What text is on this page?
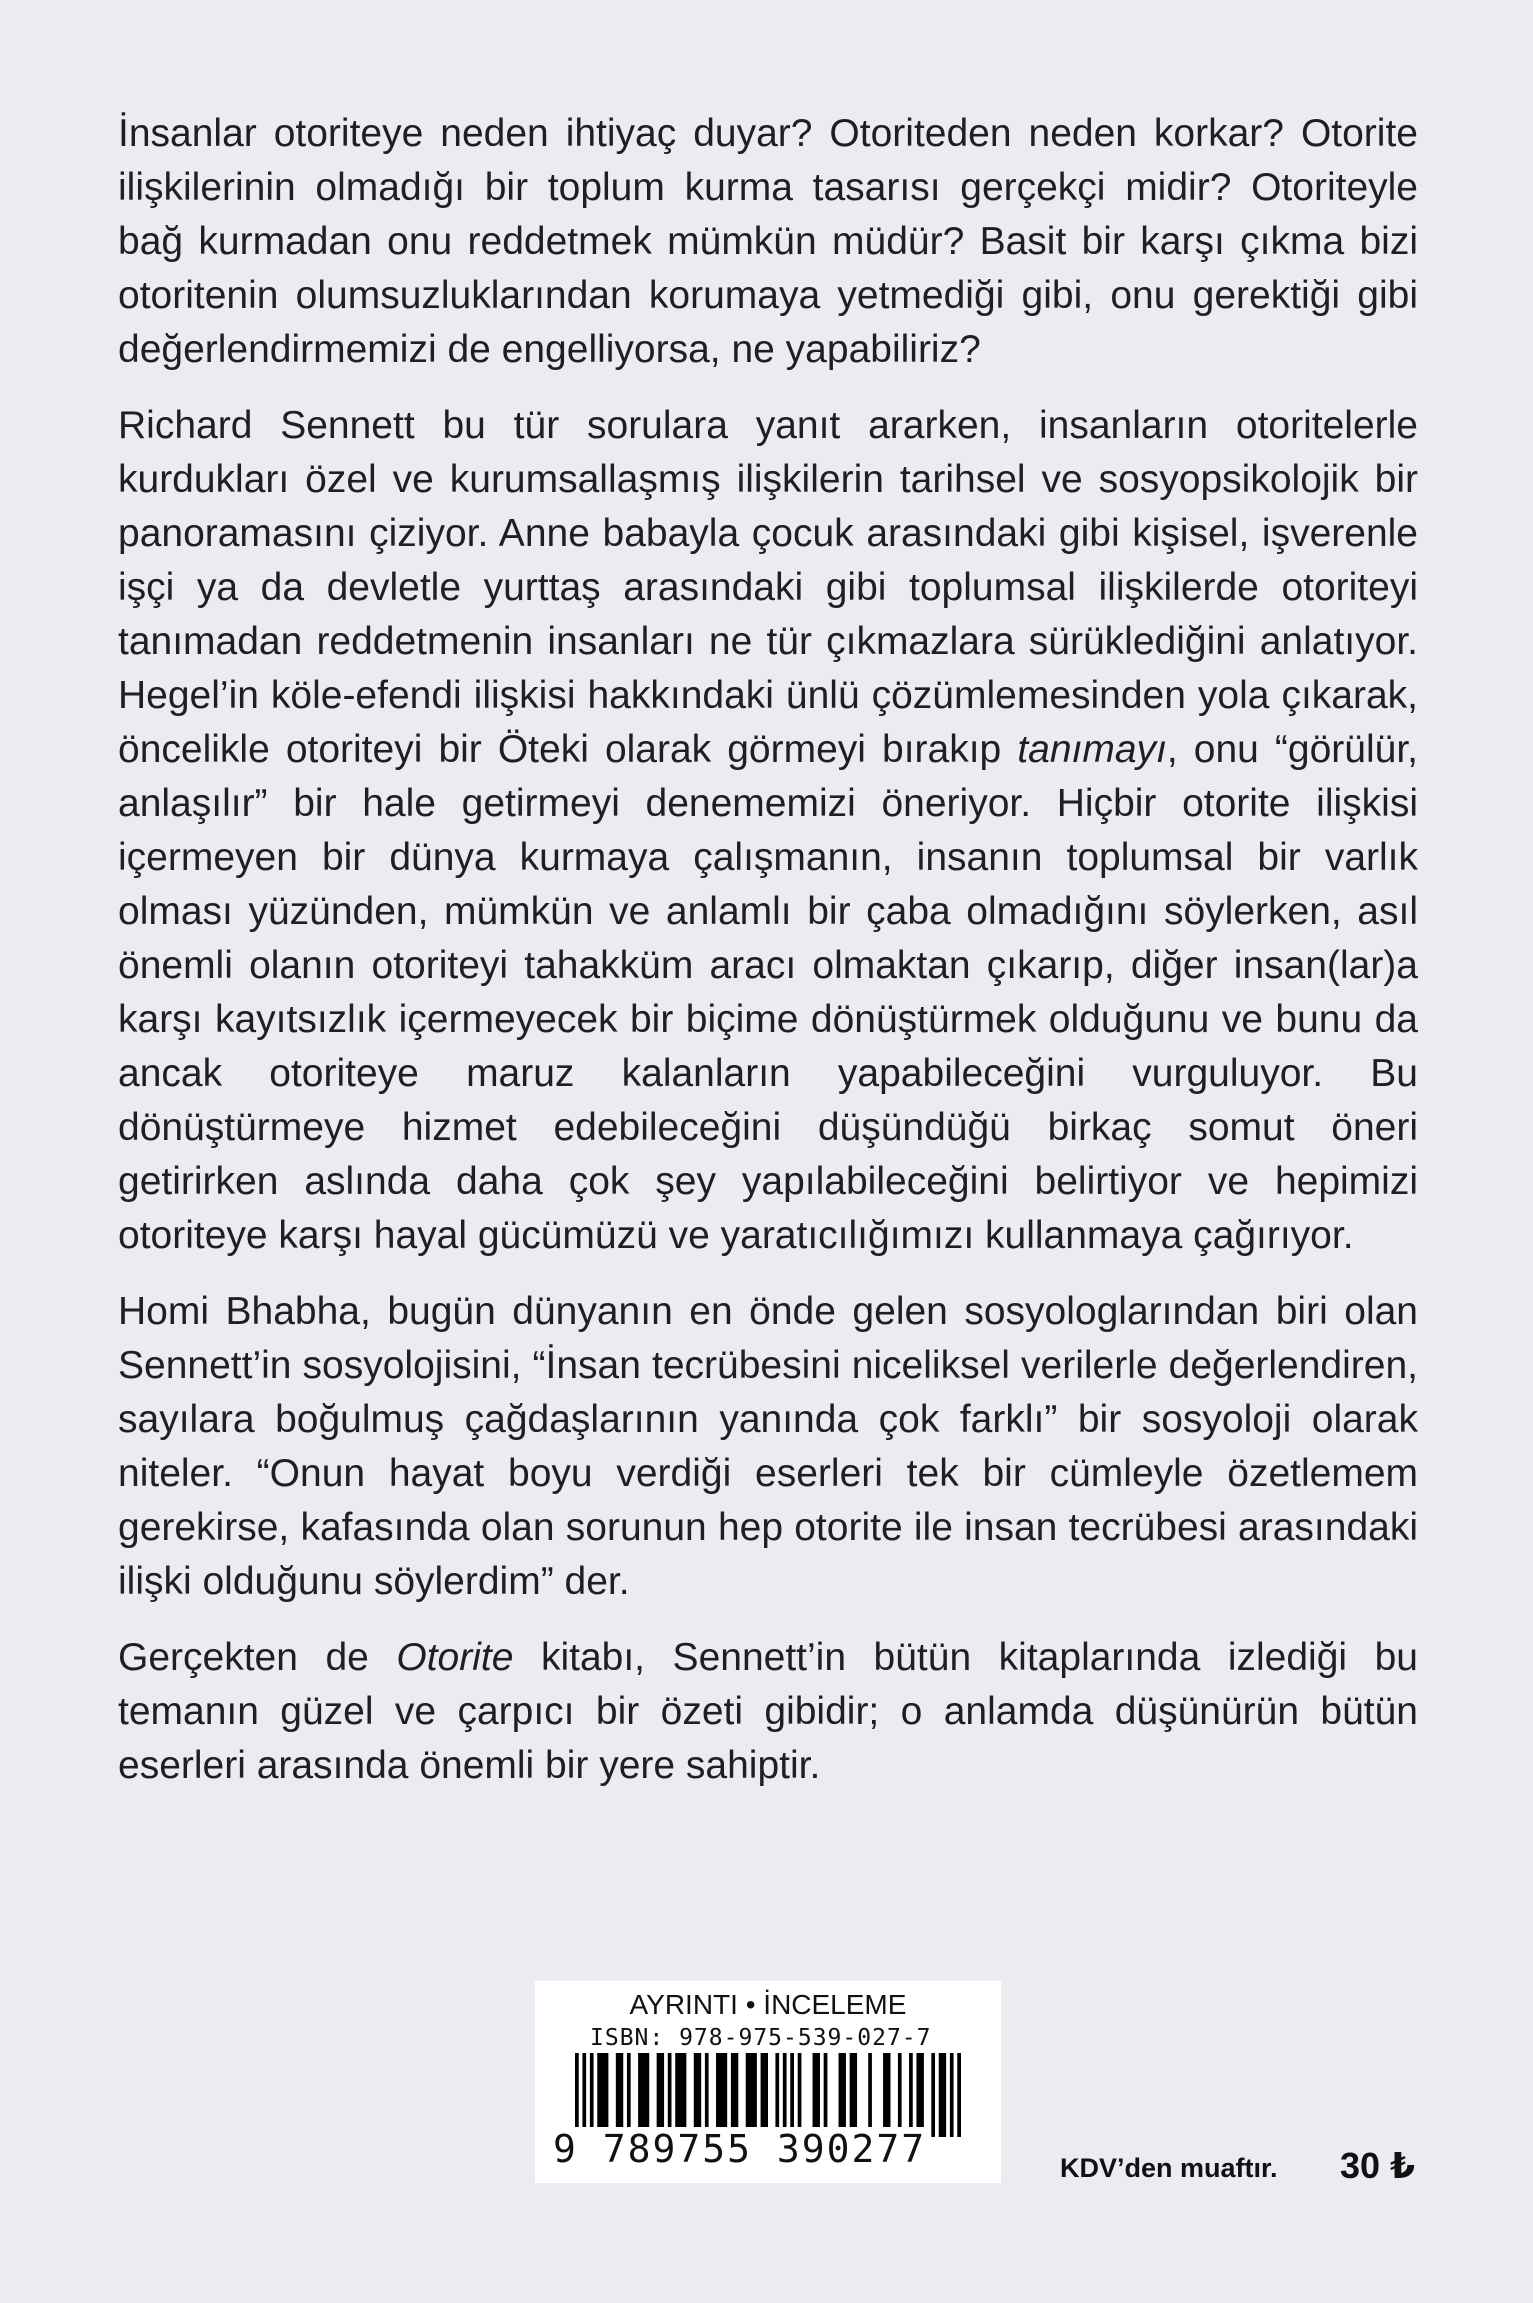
İnsanlar otoriteye neden ihtiyaç duyar? Otoriteden neden korkar? Otorite ilişkilerinin olmadığı bir toplum kurma tasarısı gerçekçi midir? Otoriteyle bağ kurmadan onu reddetmek mümkün müdür? Basit bir karşı çıkma bizi otoritenin olumsuzluklarından korumaya yetmediği gibi, onu gerektiği gibi değerlendirmemizi de engelliyorsa, ne yapabiliriz?

Richard Sennett bu tür sorulara yanıt ararken, insanların otoritelerle kurdukları özel ve kurumsallaşmış ilişkilerin tarihsel ve sosyopsikolojik bir panoramasını çiziyor. Anne babayla çocuk arasındaki gibi kişisel, işverenle işçi ya da devletle yurttaş arasındaki gibi toplumsal ilişkilerde otoriteyi tanımadan reddetmenin insanları ne tür çıkmazlara sürüklediğini anlatıyor. Hegel’in köle-efendi ilişkisi hakkındaki ünlü çözümlemesinden yola çıkarak, öncelikle otoriteyi bir Öteki olarak görmeyi bırakıp tanımayı, onu “görülür, anlaşılır” bir hale getirmeyi denememizi öneriyor. Hiçbir otorite ilişkisi içermeyen bir dünya kurmaya çalışmanın, insanın toplumsal bir varlık olması yüzünden, mümkün ve anlamlı bir çaba olmadığını söylerken, asıl önemli olanın otoriteyi tahakküm aracı olmaktan çıkarıp, diğer insan(lar)a karşı kayıtsızlık içermeyecek bir biçime dönüştürmek olduğunu ve bunu da ancak otoriteye maruz kalanların yapabileceğini vurguluyor. Bu dönüştürmeye hizmet edebileceğini düşündüğü birkaç somut öneri getirirken aslında daha çok şey yapılabileceğini belirtiyor ve hepimizi otoriteye karşı hayal gücümüzü ve yaratıcılığımızı kullanmaya çağırıyor.

Homi Bhabha, bugün dünyanın en önde gelen sosyologlarından biri olan Sennett’in sosyolojisini, “İnsan tecrübesini niceliksel verilerle değerlendiren, sayılara boğulmuş çağdaşlarının yanında çok farklı” bir sosyoloji olarak niteler. “Onun hayat boyu verdiği eserleri tek bir cümleyle özetlemem gerekirse, kafasında olan sorunun hep otorite ile insan tecrübesi arasındaki ilişki olduğunu söylerdim” der.

Gerçekten de Otorite kitabı, Sennett’in bütün kitaplarında izlediği bu temanın güzel ve çarpıcı bir özeti gibidir; o anlamda düşünürün bütün eserleri arasında önemli bir yere sahiptir.

AYRINTI • İNCELEME
ISBN: 978-975-539-027-7
9 789755 390277	KDV’den muaftır. 30 ₺
